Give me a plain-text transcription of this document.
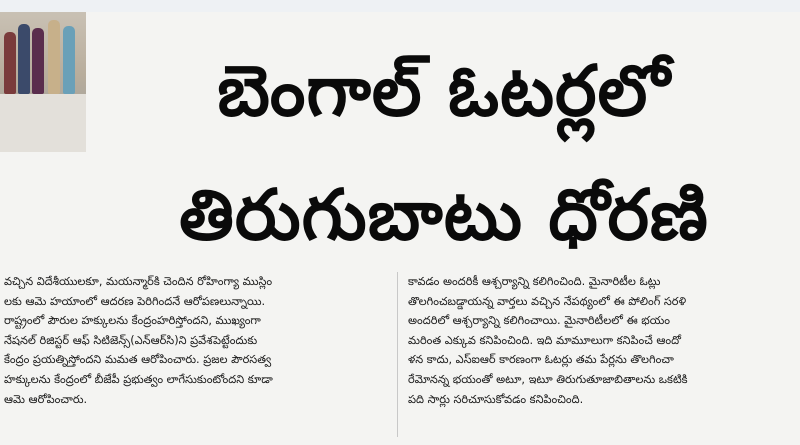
బెంగాల్ ఓటర్లలో
తిరుగుబాటు ధోరణి

వచ్చిన విదేశీయులకూ, మయన్మార్‌కి చెందిన రోహింగ్యా ముస్లిం

లకు ఆమె హయాంలో ఆదరణ పెరిగిందనే ఆరోపణలున్నాయి.

రాష్ట్రంలో పౌరుల హక్కులను కేంద్రంహరిస్తోందని, ముఖ్యంగా

నేషనల్ రిజిస్టర్ ఆఫ్ సిటిజెన్స్(ఎన్‌ఆర్‌సి)ని ప్రవేశపెట్టేందుకు

కేంద్రం ప్రయత్నిస్తోందని మమత ఆరోపించారు. ప్రజల పౌరసత్వ

హక్కులను కేంద్రంలో బీజేపీ ప్రభుత్వం లాగేసుకుంటోందని కూడా

ఆమె ఆరోపించారు.

కావడం అందరికీ ఆశ్చర్యాన్ని కలిగించింది. మైనారిటీల ఓట్లు

తొలగించబడ్డాయన్న వార్తలు వచ్చిన నేపథ్యంలో ఈ పోలింగ్ సరళి

అందరిలో ఆశ్చర్యాన్ని కలిగించాయి. మైనారిటీలలో ఈ భయం

మరింత ఎక్కువ కనిపించింది. ఇది మామూలుగా కనిపించే ఆందో

ళన కాదు, ఎస్‌ఐఆర్ కారణంగా ఓటర్లు తమ పేర్లను తొలగించా

రేమోనన్న భయంతో అటూ, ఇటూ తిరుగుతూజాబితాలను ఒకటికి

పది సార్లు సరిచూసుకోవడం కనిపించింది.
